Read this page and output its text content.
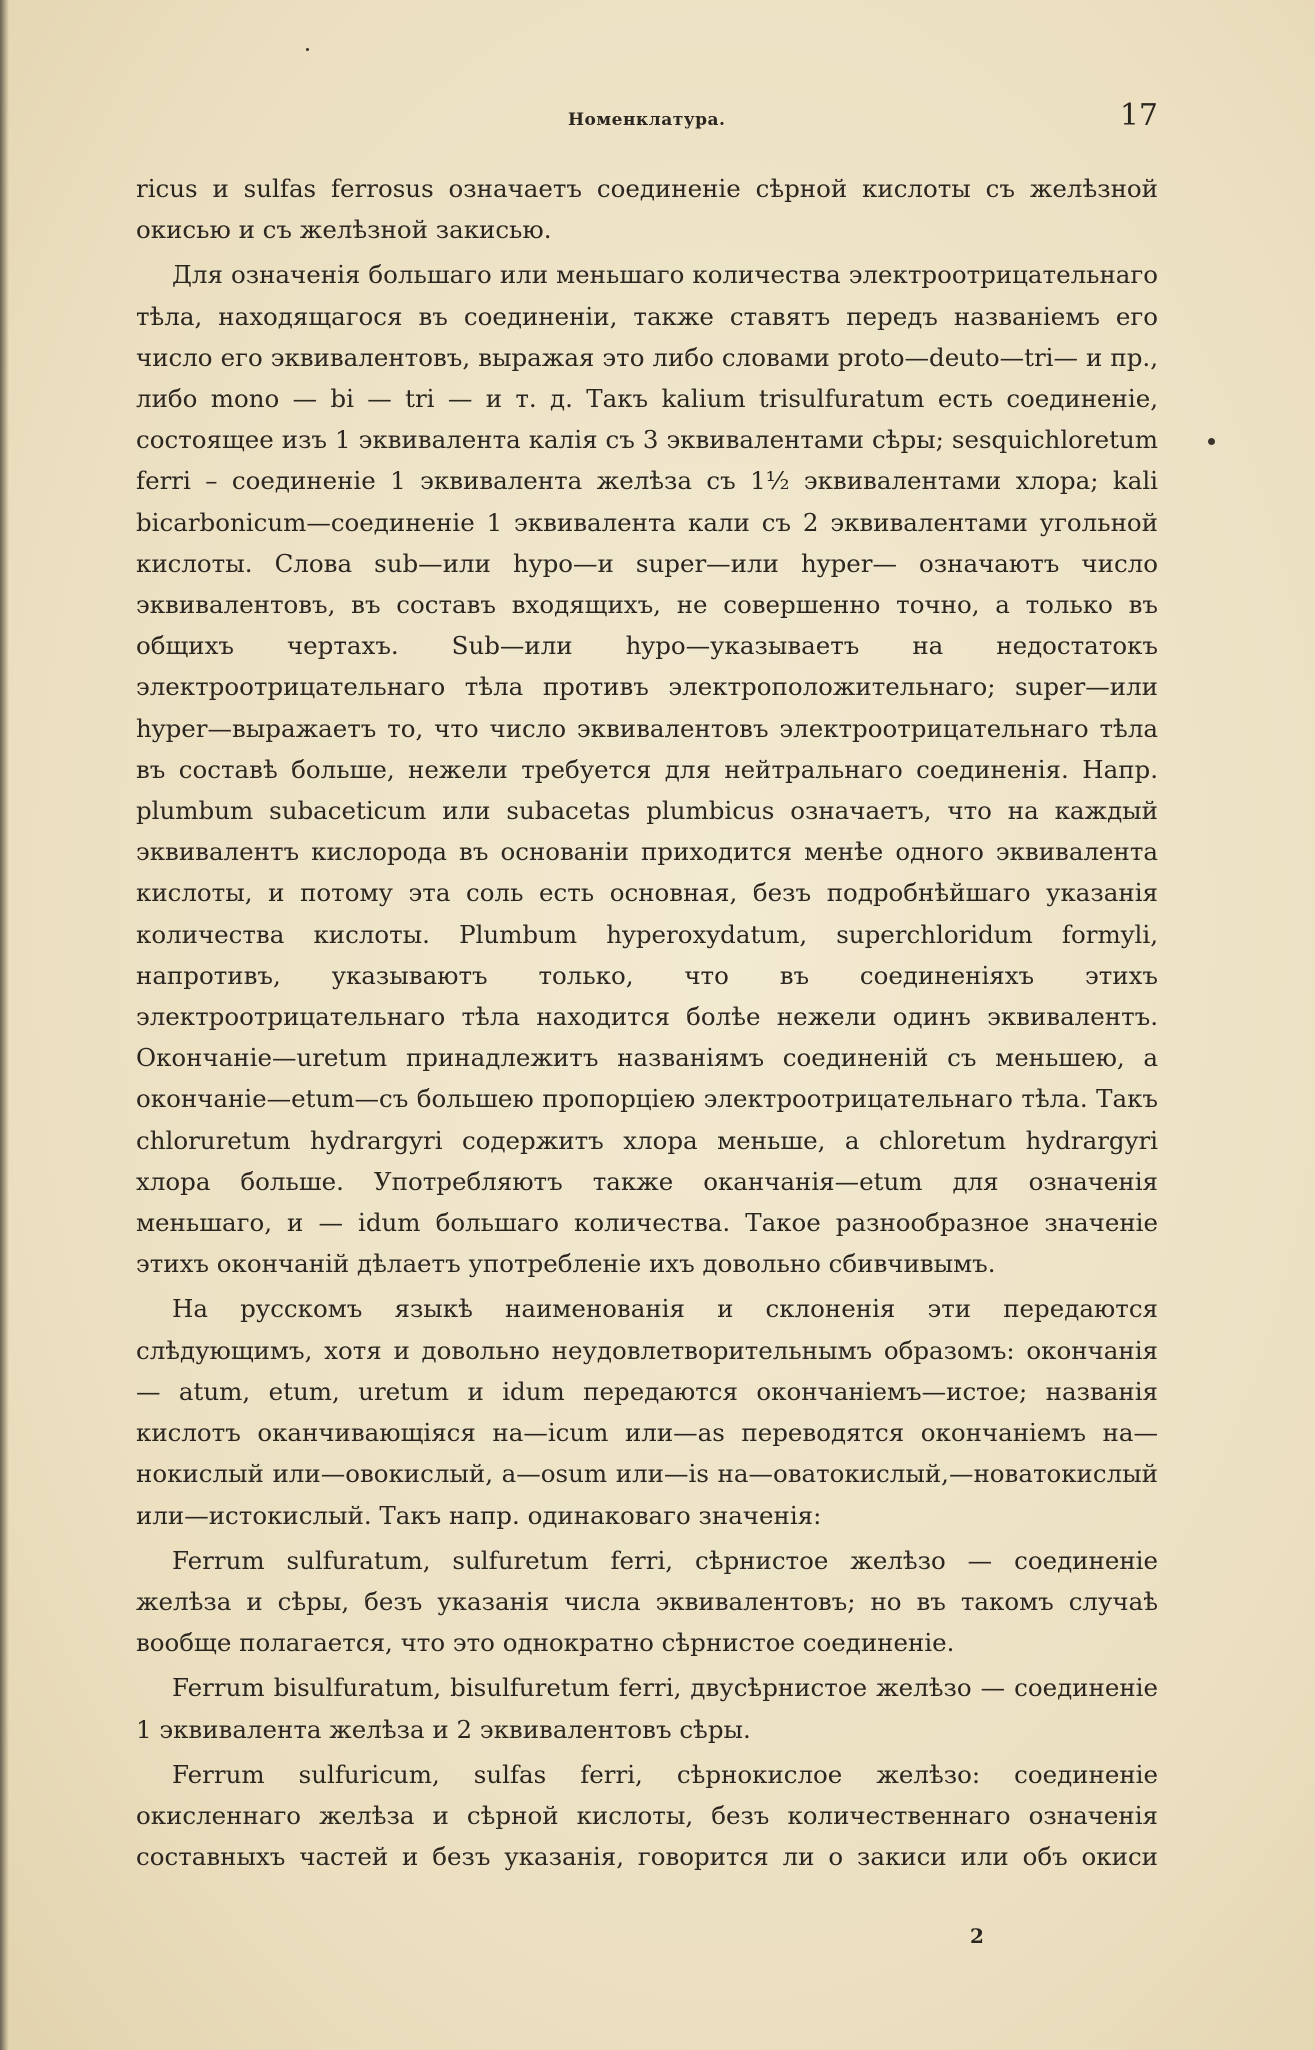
Номенклатура.	17

ricus и sulfas ferrosus означаетъ соединеніе сѣрной кислоты съ желѣзной окисью и съ желѣзной закисью.

Для означенія большаго или меньшаго количества электроотрицательнаго тѣла, находящагося въ соединеніи, также ставятъ передъ названіемъ его число его эквивалентовъ, выражая это либо словами proto—deuto—tri— и пр., либо mono — bi — tri — и т. д. Такъ kalium trisulfuratum есть соединеніе, состоящее изъ 1 эквивалента калія съ 3 эквивалентами сѣры; sesquichloretum ferri – соединеніе 1 эквивалента желѣза съ 1½ эквивалентами хлора; kali bicarbonicum—соединеніе 1 эквивалента кали съ 2 эквивалентами угольной кислоты. Слова sub—или hypo—и super—или hyper— означаютъ число эквивалентовъ, въ составъ входящихъ, не совершенно точно, а только въ общихъ чертахъ. Sub—или hypo—указываетъ на недостатокъ электроотрицательнаго тѣла противъ электроположительнаго; super—или hyper—выражаетъ то, что число эквивалентовъ электроотрицательнаго тѣла въ составѣ больше, нежели требуется для нейтральнаго соединенія. Напр. plumbum subaceticum или subacetas plumbicus означаетъ, что на каждый эквивалентъ кислорода въ основаніи приходится менѣе одного эквивалента кислоты, и потому эта соль есть основная, безъ подробнѣйшаго указанія количества кислоты. Plumbum hyperoxydatum, superchloridum formyli, напротивъ, указываютъ только, что въ соединеніяхъ этихъ электроотрицательнаго тѣла находится болѣе нежели одинъ эквивалентъ. Окончаніе—uretum принадлежитъ названіямъ соединеній съ меньшею, а окончаніе—etum—съ большею пропорціею электроотрицательнаго тѣла. Такъ chloruretum hydrargyri содержитъ хлора меньше, а chloretum hydrargyri хлора больше. Употребляютъ также оканчанія—etum для означенія меньшаго, и — idum большаго количества. Такое разнообразное значеніе этихъ окончаній дѣлаетъ употребленіе ихъ довольно сбивчивымъ.

На русскомъ языкѣ наименованія и склоненія эти передаются слѣдующимъ, хотя и довольно неудовлетворительнымъ образомъ: окончанія — atum, etum, uretum и idum передаются окончаніемъ—истое; названія кислотъ оканчивающіяся на—icum или—as переводятся окончаніемъ на—нокислый или—овокислый, а—osum или—is на—оватокислый,—новатокислый или—истокислый. Такъ напр. одинаковаго значенія:

Ferrum sulfuratum, sulfuretum ferri, сѣрнистое желѣзо — соединеніе желѣза и сѣры, безъ указанія числа эквивалентовъ; но въ такомъ случаѣ вообще полагается, что это однократно сѣрнистое соединеніе.

Ferrum bisulfuratum, bisulfuretum ferri, двусѣрнистое желѣзо — соединеніе 1 эквивалента желѣза и 2 эквивалентовъ сѣры.

Ferrum sulfuricum, sulfas ferri, сѣрнокислое желѣзо: соединеніе окисленнаго желѣза и сѣрной кислоты, безъ количественнаго означенія составныхъ частей и безъ указанія, говорится ли о закиси или объ окиси

2
